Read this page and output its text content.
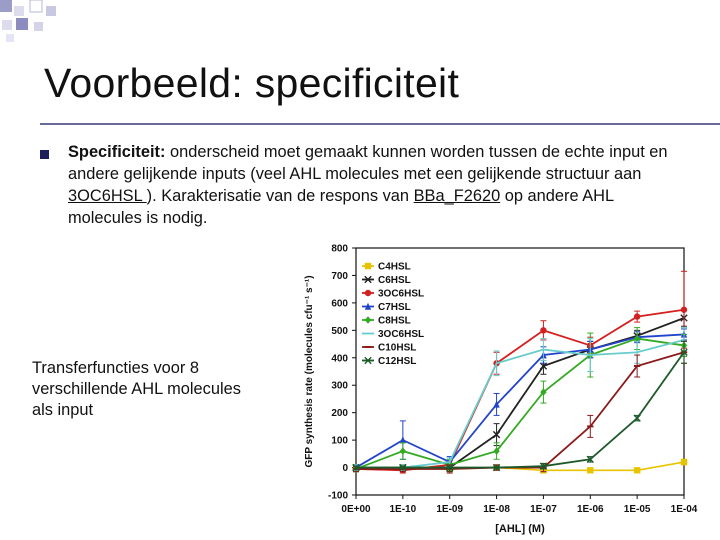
Voorbeeld: specificiteit
Specificiteit: onderscheid moet gemaakt kunnen worden tussen de echte input en andere gelijkende inputs (veel AHL molecules met een gelijkende structuur aan 3OC6HSL ). Karakterisatie van de respons van BBa_F2620 op andere AHL molecules is nodig.
Transferfuncties voor 8 verschillende AHL molecules als input
-100
0
100
200
300
400
500
600
700
800
0E+00 1E-10 1E-09 1E-08 1E-07 1E-06 1E-05 1E-04
[AHL] (M)
GFP synthesis rate (molecules cfu⁻¹ s⁻¹)
C4HSL
C6HSL
3OC6HSL
C7HSL
C8HSL
3OC6HSL
C10HSL
C12HSL
